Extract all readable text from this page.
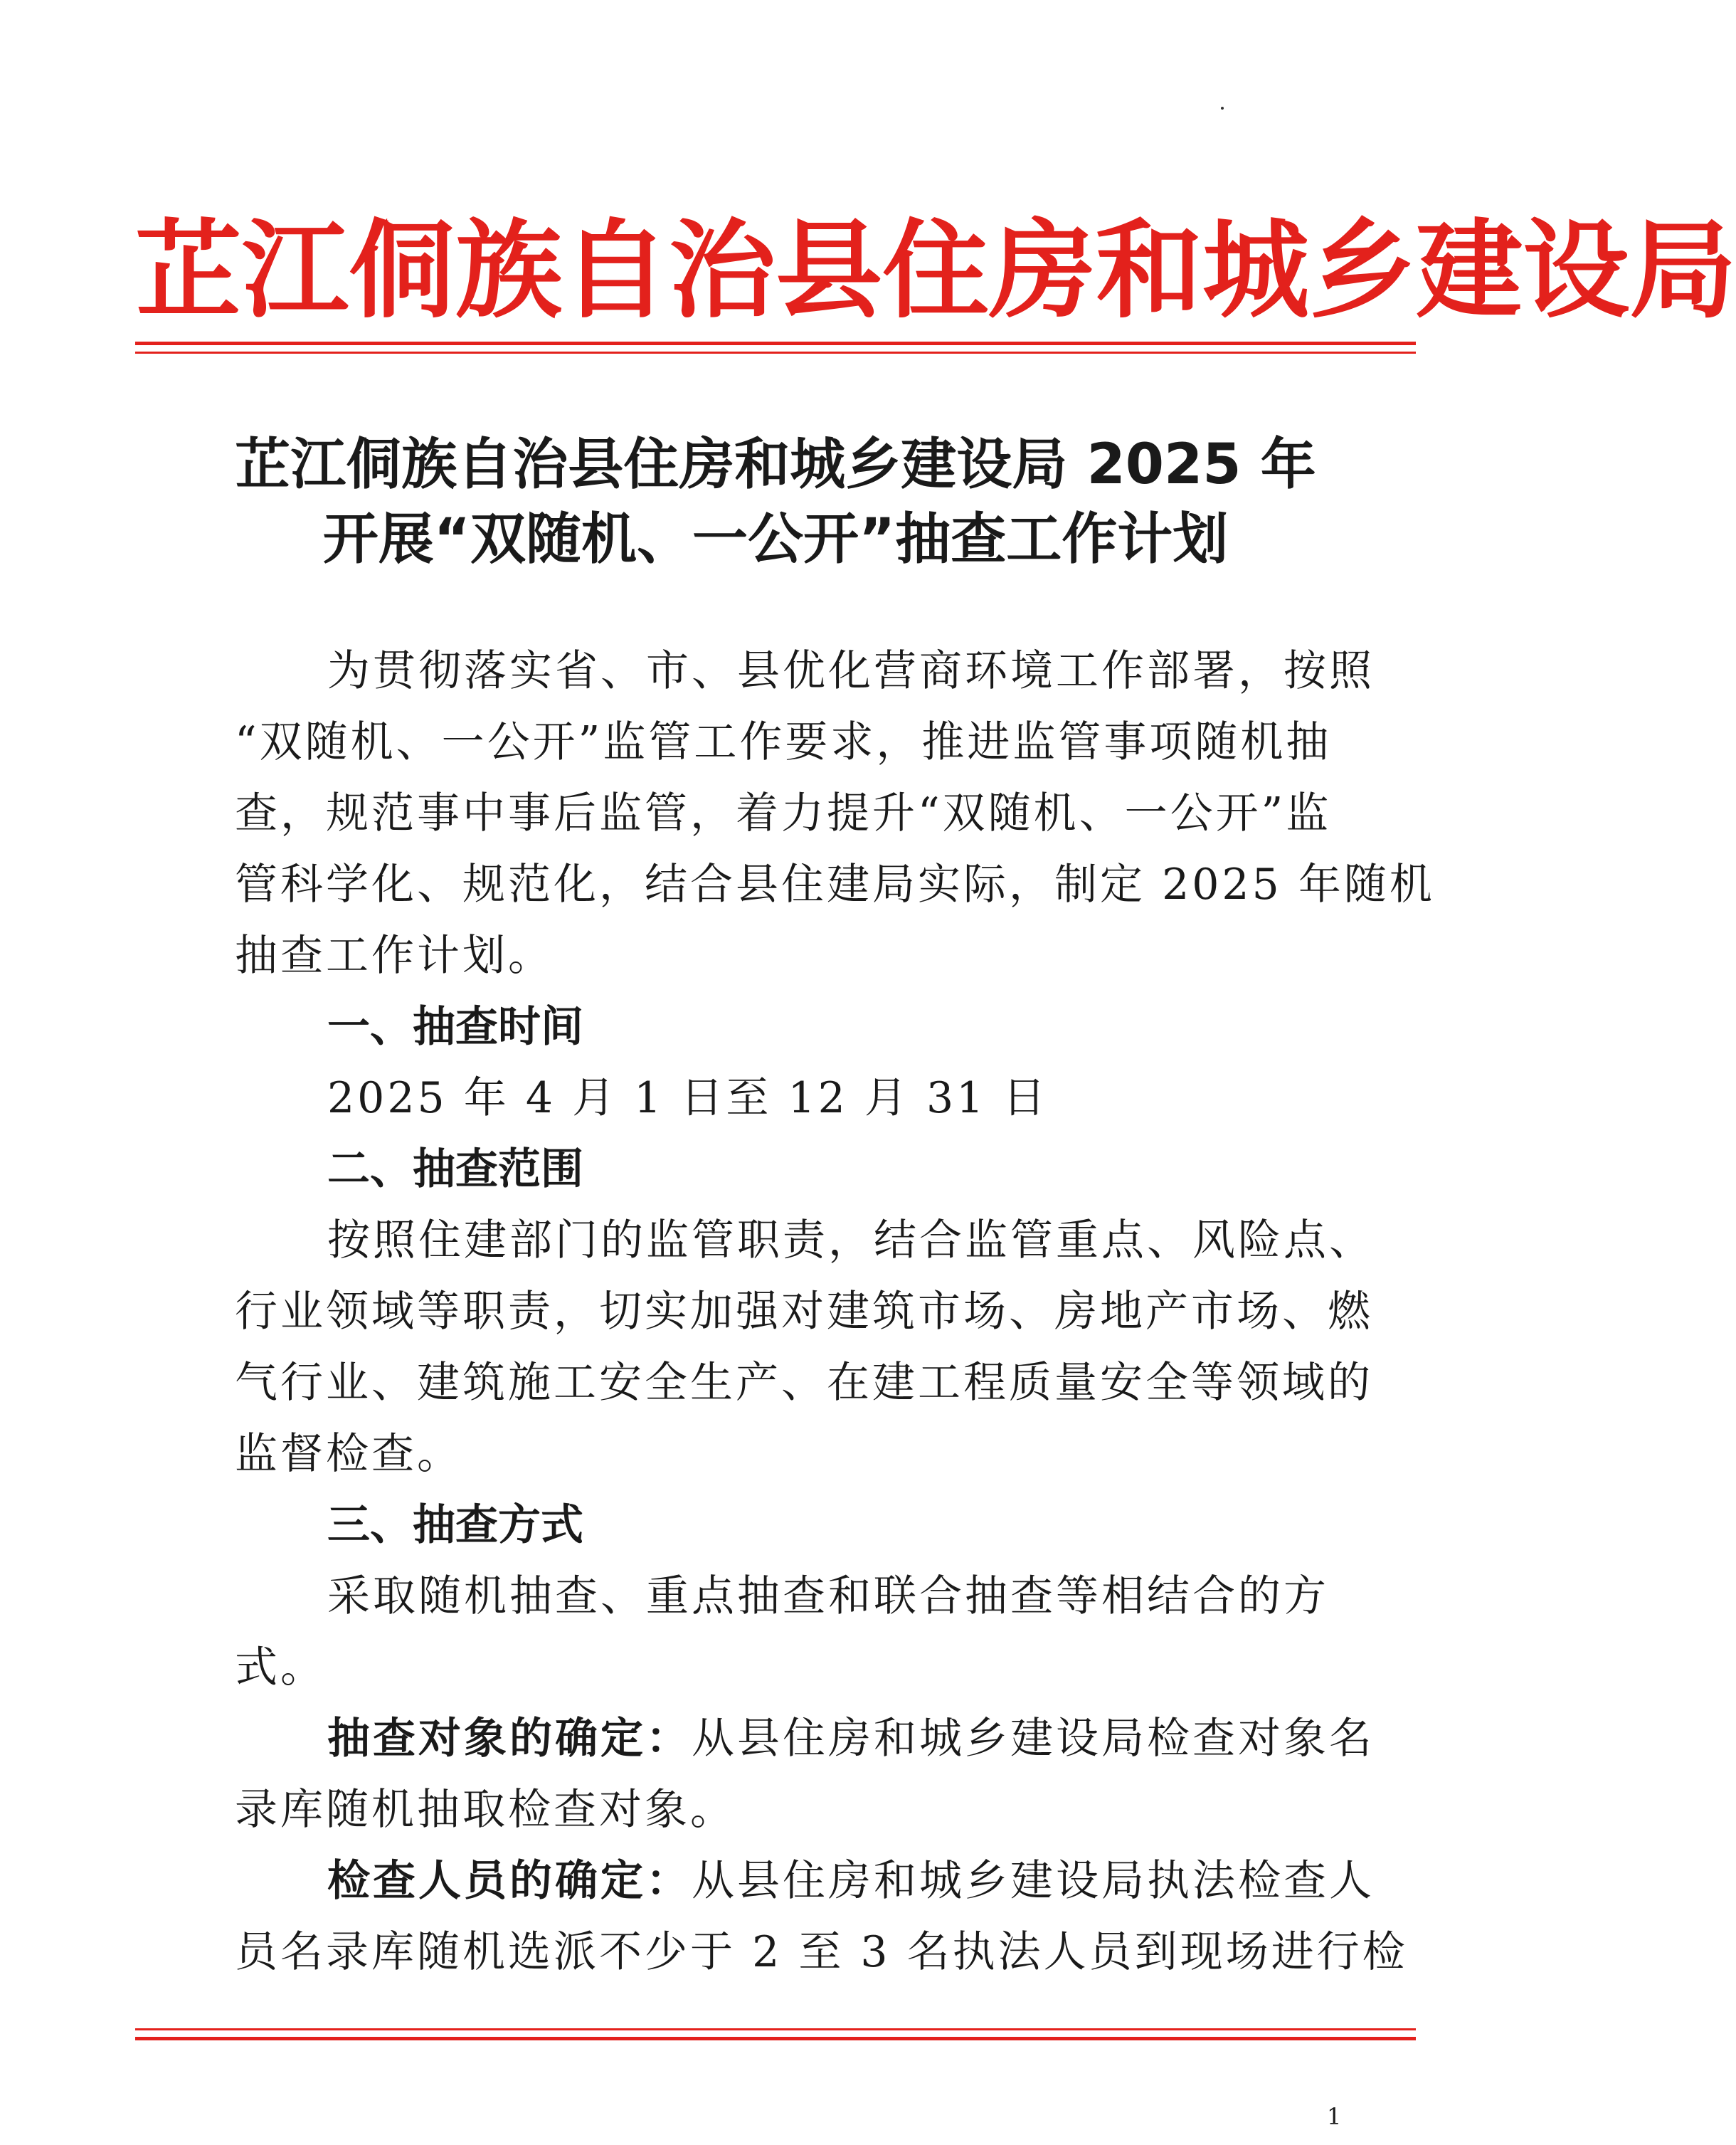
芷 江 侗 族 自 治 县 住 房 和 城 乡 建 设 局
芷江侗族自治县住房和城乡建设局 2025 年
开展“双随机、一公开”抽查工作计划
为贯彻落实省、市、县优化营商环境工作部署，按照
“双随机、一公开”监管工作要求，推进监管事项随机抽
查，规范事中事后监管，着力提升“双随机、一公开”监
管科学化、规范化，结合县住建局实际，制定 2025 年随机
抽查工作计划。
一、抽查时间
2025 年 4 月 1 日至 12 月 31 日
二、抽查范围
按照住建部门的监管职责，结合监管重点、风险点、
行业领域等职责，切实加强对建筑市场、房地产市场、燃
气行业、建筑施工安全生产、在建工程质量安全等领域的
监督检查。
三、抽查方式
采取随机抽查、重点抽查和联合抽查等相结合的方
式。
抽查对象的确定：从县住房和城乡建设局检查对象名
录库随机抽取检查对象。
检查人员的确定：从县住房和城乡建设局执法检查人
员名录库随机选派不少于 2 至 3 名执法人员到现场进行检
1
